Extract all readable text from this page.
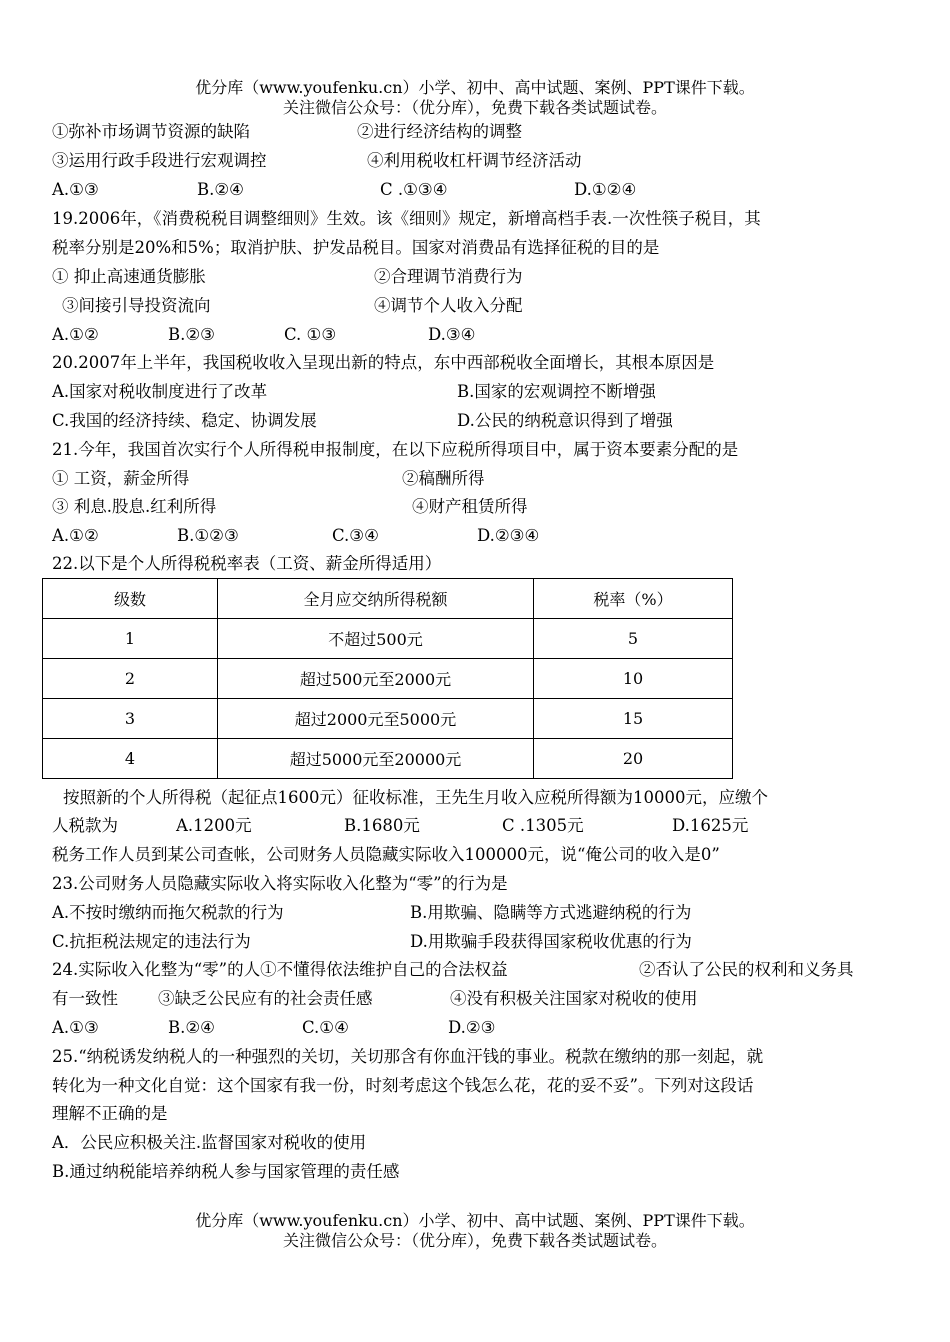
优分库（www.youfenku.cn）小学、初中、高中试题、案例、PPT课件下载。
关注微信公众号：（优分库），免费下载各类试题试卷。
①弥补市场调节资源的缺陷	②进行经济结构的调整
③运用行政手段进行宏观调控	④利用税收杠杆调节经济活动
A.①③	B.②④	C .①③④	D.①②④
19.2006年，《消费税税目调整细则》生效。该《细则》规定，新增高档手表.一次性筷子税目，其
税率分别是20%和5%；取消护肤、护发品税目。国家对消费品有选择征税的目的是
① 抑止高速通货膨胀	②合理调节消费行为
③间接引导投资流向	④调节个人收入分配
A.①②	B.②③	C. ①③	D.③④
20.2007年上半年，我国税收收入呈现出新的特点，东中西部税收全面增长，其根本原因是
A.国家对税收制度进行了改革	B.国家的宏观调控不断增强
C.我国的经济持续、稳定、协调发展	D.公民的纳税意识得到了增强
21.今年，我国首次实行个人所得税申报制度，在以下应税所得项目中，属于资本要素分配的是
① 工资，薪金所得	②稿酬所得
③ 利息.股息.红利所得	④财产租赁所得
A.①②	B.①②③	C.③④	D.②③④
22.以下是个人所得税税率表（工资、薪金所得适用）
级数	全月应交纳所得税额	税率（%）
1	不超过500元	5
2	超过500元至2000元	10
3	超过2000元至5000元	15
4	超过5000元至20000元	20
按照新的个人所得税（起征点1600元）征收标准，王先生月收入应税所得额为10000元，应缴个
人税款为	A.1200元	B.1680元	C .1305元	D.1625元
税务工作人员到某公司查帐，公司财务人员隐藏实际收入100000元，说“俺公司的收入是0”
23.公司财务人员隐藏实际收入将实际收入化整为“零”的行为是
A.不按时缴纳而拖欠税款的行为	B.用欺骗、隐瞒等方式逃避纳税的行为
C.抗拒税法规定的违法行为	D.用欺骗手段获得国家税收优惠的行为
24.实际收入化整为“零”的人①不懂得依法维护自己的合法权益	②否认了公民的权利和义务具
有一致性 ③缺乏公民应有的社会责任感	④没有积极关注国家对税收的使用
A.①③	B.②④	C.①④	D.②③
25.“纳税诱发纳税人的一种强烈的关切，关切那含有你血汗钱的事业。税款在缴纳的那一刻起，就
转化为一种文化自觉：这个国家有我一份，时刻考虑这个钱怎么花，花的妥不妥”。下列对这段话
理解不正确的是
A．公民应积极关注.监督国家对税收的使用
B.通过纳税能培养纳税人参与国家管理的责任感
优分库（www.youfenku.cn）小学、初中、高中试题、案例、PPT课件下载。
关注微信公众号：（优分库），免费下载各类试题试卷。
